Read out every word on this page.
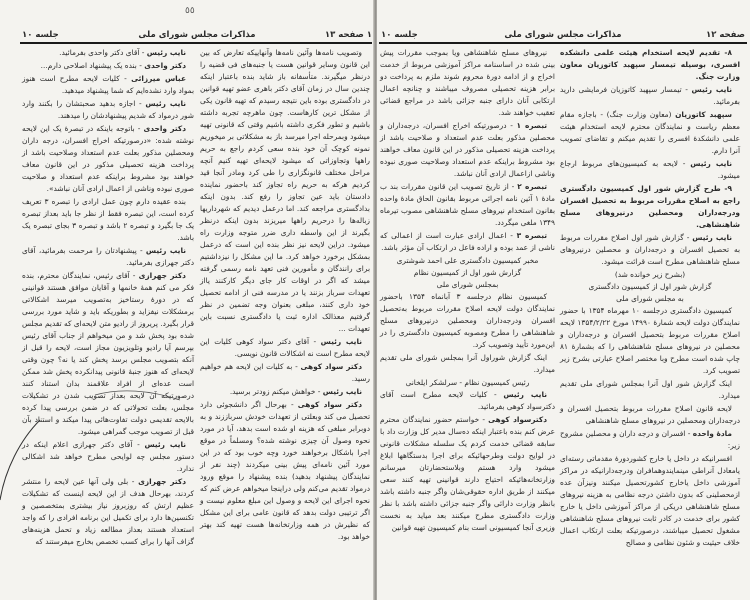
٥٥
۱ صفحه ۱۳
مذاکرات مجلس شورای ملی
جلسه ۱۰

نایب رئیس - آقای دکتر واحدی بفرمائید.

دکتر واحدی - بنده یک پیشنهاد اصلاحی دارم...

عباس میرزائی - کلیات لایحه مطرح است هنوز بمواد وارد نشده‌ایم که شما پیشنهاد میدهید.

نایب رئیس - اجازه بدهید صحبتشان را بکنند وارد شور درمواد که شدیم پیشنهادشان را میدهند.

دکتر واحدی - باتوجه باینکه در تبصرهٔ یک این لایحه نوشته شده: «درصورتیکه اخراج افسران، درجه داران ومحصلین مذکور بعلت عدم استعداد وصلاحیت باشد از پرداخت هزینه تحصیلی مذکور در این قانون معاف خواهند بود مشروط براینکه عدم استعداد و صلاحیت صوری نبوده وناشی از اعمال ارادی آنان نباشد».

بنده عقیده دارم چون عمل ارادی را تبصره ۳ تعریف کرده است، این تبصره فقط از نظر جا باید بعداز تبصره یک جا بگیرد و تبصره ۲ باشد و تبصره ۳ بجای تبصره یک باشد.

نایب رئیس - پیشنهادتان را مرحمت بفرمائید، آقای دکتر جهرازی بفرمائید.

دکتر جهرازی - آقای رئیس، نمایندگان محترم، بنده فکر می کنم همهٔ خانمها و آقایان موافق هستند قوانینی که در دورهٔ رستاخیز به‌تصویب میرسد اشکالاتی برمشکلات نیفزاید و بطوریکه باید و شاید مورد بررسی قرار بگیرد. پریروز از رادیو متن لایحه‌ای که تقدیم مجلس شده بود پخش شد و من میخواهم از جناب آقای رئیس بپرسم آیا رادیو وتلویزیون مجاز است، لایحه را قبل از آنکه بتصویب مجلس برسد پخش کند یا نه؟ چون وقتی لایحه‌ای که هنوز جنبهٔ قانونی پیدانکرده پخش شد ممکن است عده‌ای از افراد علاقمند بدان استناد کنند درصورتیکه آن لایحه بعداز تصویب شدن در تشکیلات مجلس، بعلت تحولاتی که در ضمن بررسی پیدا کرده بالایحه تقدیمی دولت تفاوت‌هائی پیدا میکند و استناد بآن قبل از تصویب موجب گمراهی میشود.

نایب رئیس - آقای دکتر جهرازی اعلام اینکه در دستور مجلس چه لوایحی مطرح خواهد شد اشکالی ندارد.

دکتر جهرازی - بلی ولی آنها عین لایحه را منتشر کردند، بهرحال هدف از این لایحه اینست که تشکیلات عظیم ارتش که روزبروز نیاز بیشتری بمتخصصین و تکنسین‌ها دارد برای تکمیل این برنامه افرادی را که واجد استعداد هستند بعداز مطالعه زیاد و تحمل هزینه‌های گزاف آنها را برای کسب تخصص بخارج میفرستند که

وتصویب نامه‌ها وآئین نامه‌ها وآنهاییکه تعارض که بین این قانون وسایر قوانین هست یا جنبه‌های فی قضیه را درنظر میگیرند. متأسفانه باز شاید بنده باعتبار اینکه چندین سال در زمان آقای دکتر باهری عضو تهیه قوانین در دادگستری بوده باین نتیجه رسیدم که تهیه قانون یکی از مشکل ترین کارهاست. چون ماهرچه تجربه داشته باشیم و تطور فکری داشته باشیم وقتی که قانونی تهیه میشود وبمرحله اجرا میرسد باز به مشکلاتی بر میخوریم نمونه کوچک آن خود بنده سعی کردم راجع به حریم راهها وتجاوزاتی که میشود لایحه‌ای تهیه کنیم آنچه مراحل مختلف قانونگزاری را طی کرد ومادر آنجا قید کردیم هرکه به حریم راه تجاوز کند باحضور نماینده دادستان باید عین تجاوز را رفع کند. بدون اینکه بدادگستری مراجعه کند. اما درعمل دیدیم که شهرداریها زباله‌ها را درحریم راهها میریزند بدون اینکه درنظر بگیرند از این واسطه داری ضرر متوجه وزارت راه میشود. دراین لایحه نیز نظر بنده این است که درعمل بمشکل برخورد خواهد کرد. ما این مشکل را نیزداشتیم برای رانندگان و مأمورین فنی تعهد نامه رسمی گرفته میشد که اگر در اوقات کار جای دیگر کارکنند یااز تعهدات سرباز بزنند یا در مدرسه فنی از ادامه تحصیل خود داری کنند، مبلغی بعنوان وجه تضمین در نظر گرفتیم معذالک اداره ثبت یا دادگستری نسبت باین تعهدات ...

نایب رئیس - آقای دکتر سواد کوهی کلیات این لایحه مطرح است نه اشکالات قانون نویسی.

دکتر سواد کوهی - به کلیات این لایحه هم خواهیم رسید.

نایب رئیس - خواهش میکنم زودتر برسید.

دکتر سواد کوهی - بهرحال اگر دانشجوئی دارد تحصیل می کند وبعلتی از تعهدات خودش سرباززند و به دوبرابر مبلغی که هزینه او شده است بدهد، آیا در مورد نحوه وصول آن چیزی نوشته شده؟ ومسلماً در موقع اجرا باشکال برخواهند خورد وچه خوب بود که در این مورد آئین نامه‌ای پیش بینی میکردند (چند نفر از نمایندگان پیشنهاد بدهید) بنده پیشنهاد را موقع ورود درمواد تقدیم می‌کنم ولی دراینجا میخواهم عرض کنم که نحوه اجرای این لایحه و وصول این مبلغ معلوم نیست و اگر ترتیبی دولت بدهد که قانون عامی برای این مشکل که نظیرش در همه وزارتخانه‌ها هست تهیه کند بهتر خواهد بود.

صفحه ۱۲
مذاکرات مجلس شورای ملی
جلسه ۱۰

۸- تقدیم لایحه استخدام هیئت علمی دانشکده افسری، بوسیله تیمسار سپهبد کاتوزیان معاون وزارت جنگ.

نایب رئیس - تیمسار سپهبد کاتوزیان فرمایشی دارید بفرمائید.

سپهبد کاتوزیان (معاون وزارت جنگ) - باجازه مقام معظم ریاست و نمایندگان محترم لایحه استخدام هیئت علمی دانشکدهٔ افسری را تقدیم میکنم و تقاضای تصویب آنرا دارم.

نایب رئیس - لایحه به کمیسیون‌های مربوط ارجاع میشود.

۹- طرح گزارش شور اول کمیسیون دادگستری راجع به اصلاح مقررات مربوط به تحصیل افسران ودرجه‌داران ومحصلین درنیروهای مسلح شاهنشاهی.

نایب رئیس - گزارش شور اول اصلاح مقررات مربوط به تحصیل افسران و درجه‌داران و محصلین درنیروهای مسلح شاهنشاهی مطرح است قرائت میشود.

(بشرح زیر خوانده شد)

گزارش شور اول از کمیسیون دادگستری

به مجلس شورای ملی

کمیسیون دادگستری درجلسه ۱۰ مهرماه ۱۳۵۴ با حضور نمایندگان دولت لایحه شمارهٔ ۱۴۹۹۰ مورخ ۱۳۵۴/۲/۲۲ لایحه اصلاح مقررات مربوط بتحصیل افسران و درجه‌داران و محصلین در نیروهای مسلح شاهنشاهی را که بشمارهٔ ۸۱ چاپ شده است مطرح وبا مختصر اصلاح عبارتی بشرح زیر تصویب کرد.

اینک گزارش شور اول آنرا بمجلس شورای ملی تقدیم میدارد.

لایحه قانون اصلاح مقررات مربوط بتحصیل افسران و درجه‌داران ومحصلین در نیروهای مسلح شاهنشاهی

مادهٔ واحده - افسران و درجه داران و محصلین مشروح زیر:

افسرانیکه در داخل یا خارج کشوردورهٔ مقدماتی رسته‌ای یامعادل آنراطی مینمایندوهمافران ودرجه‌دارانیکه در مراکز آموزشی داخل یاخارج کشورتحصیل میکنند ونیزآن عده ازمحصلینی که بدون داشتن درجه نظامی به هزینه نیروهای مسلح شاهنشاهی دریکی از مراکز آموزشی داخل یا خارج کشور برای خدمت در کادر ثابت نیروهای مسلح شاهنشاهی مشغول تحصیل میباشند، درصورتیکه بعلت ارتکاب اعمال خلاف حیثیت و شئون نظامی و مصالح

نیروهای مسلح شاهنشاهی ویا بموجب مقررات پیش بینی شده در اساسنامه مراکز آموزشی مربوط از خدمت اخراج و از ادامه دورهٔ محروم شوند ملزم به پرداخت دو برابر هزینه تحصیلی مصروف میباشند و چنانچه اعمال ارتکابی آنان دارای جنبه جزائی باشد در مراجع قضائی تعقیب خواهند شد.

تبصره ۱ - درصورتیکه اخراج افسران، درجه‌داران و محصلین مذکور بعلت عدم استعداد و صلاحیت باشد از پرداخت هزینه تحصیلی مذکور در این قانون معاف خواهند بود مشروط براینکه عدم استعداد وصلاحیت صوری نبوده وناشی ازاعمال ارادی آنان نباشد.

تبصره ۲ - از تاریخ تصویب این قانون مقررات بند ب مادهٔ ۱ آئین نامه اجرائی مربوط بقانون الحاق مادهٔ واحده بقانون استخدام نیروهای مسلح شاهنشاهی مصوب تیرماه ۱۳۴۹ ملغی میگردد.

تبصره ۳ - اعمال ارادی عبارت است از اعمالی که ناشی از عمد بوده و اراده فاعل در ارتکاب آن مؤثر باشد.

مخبر کمیسیون دادگستری علی احمد شوشتری

گزارش شور اول از کمیسیون نظام

بمجلس شورای ملی

کمیسیون نظام درجلسه ۳ آبانماه ۱۳۵۴ باحضور نمایندگان دولت لایحه اصلاح مقررات مربوط به‌تحصیل افسران ودرجه‌داران ومحصلین درنیروهای مسلح شاهنشاهی را مطرح ومصوبه کمیسیون دادگستری را در این‌مورد تأیید وتصویب کرد.

اینک گزارش شوراول آنرا بمجلس شورای ملی تقدیم میدارد.

رئیس کمیسیون نظام - سرلشکر ایلخانی

نایب رئیس - کلیات لایحه مطرح است آقای دکترسواد کوهی بفرمائید.

دکترسواد کوهی - خواستم حضور نمایندگان محترم عرض کنم بنده باعتبار اینکه ده‌سال مدیر کل وزارت داد با سابقه قضائی خدمت کردم یک سلسله مشکلات قانونی در لوایح دولت وطرحهائیکه برای اجرا بدستگاهها ابلاغ میشود وارد هستم وبلاستحضارتان میرسانم وزارتخانه‌هائیکه احتیاج دارند قوانینی تهیه کنند سعی میکنند از طریق اداره حقوقی‌شان واگر جنبه داشته باشد بانظر وزارت دارائی واگر جنبه جزائی داشته باشد با نظر وزارت دادگستری مطرح میکنند بعد میاید به نخست وزیری آنجا کمیسیونی است بنام کمیسیون تهیه قوانین
